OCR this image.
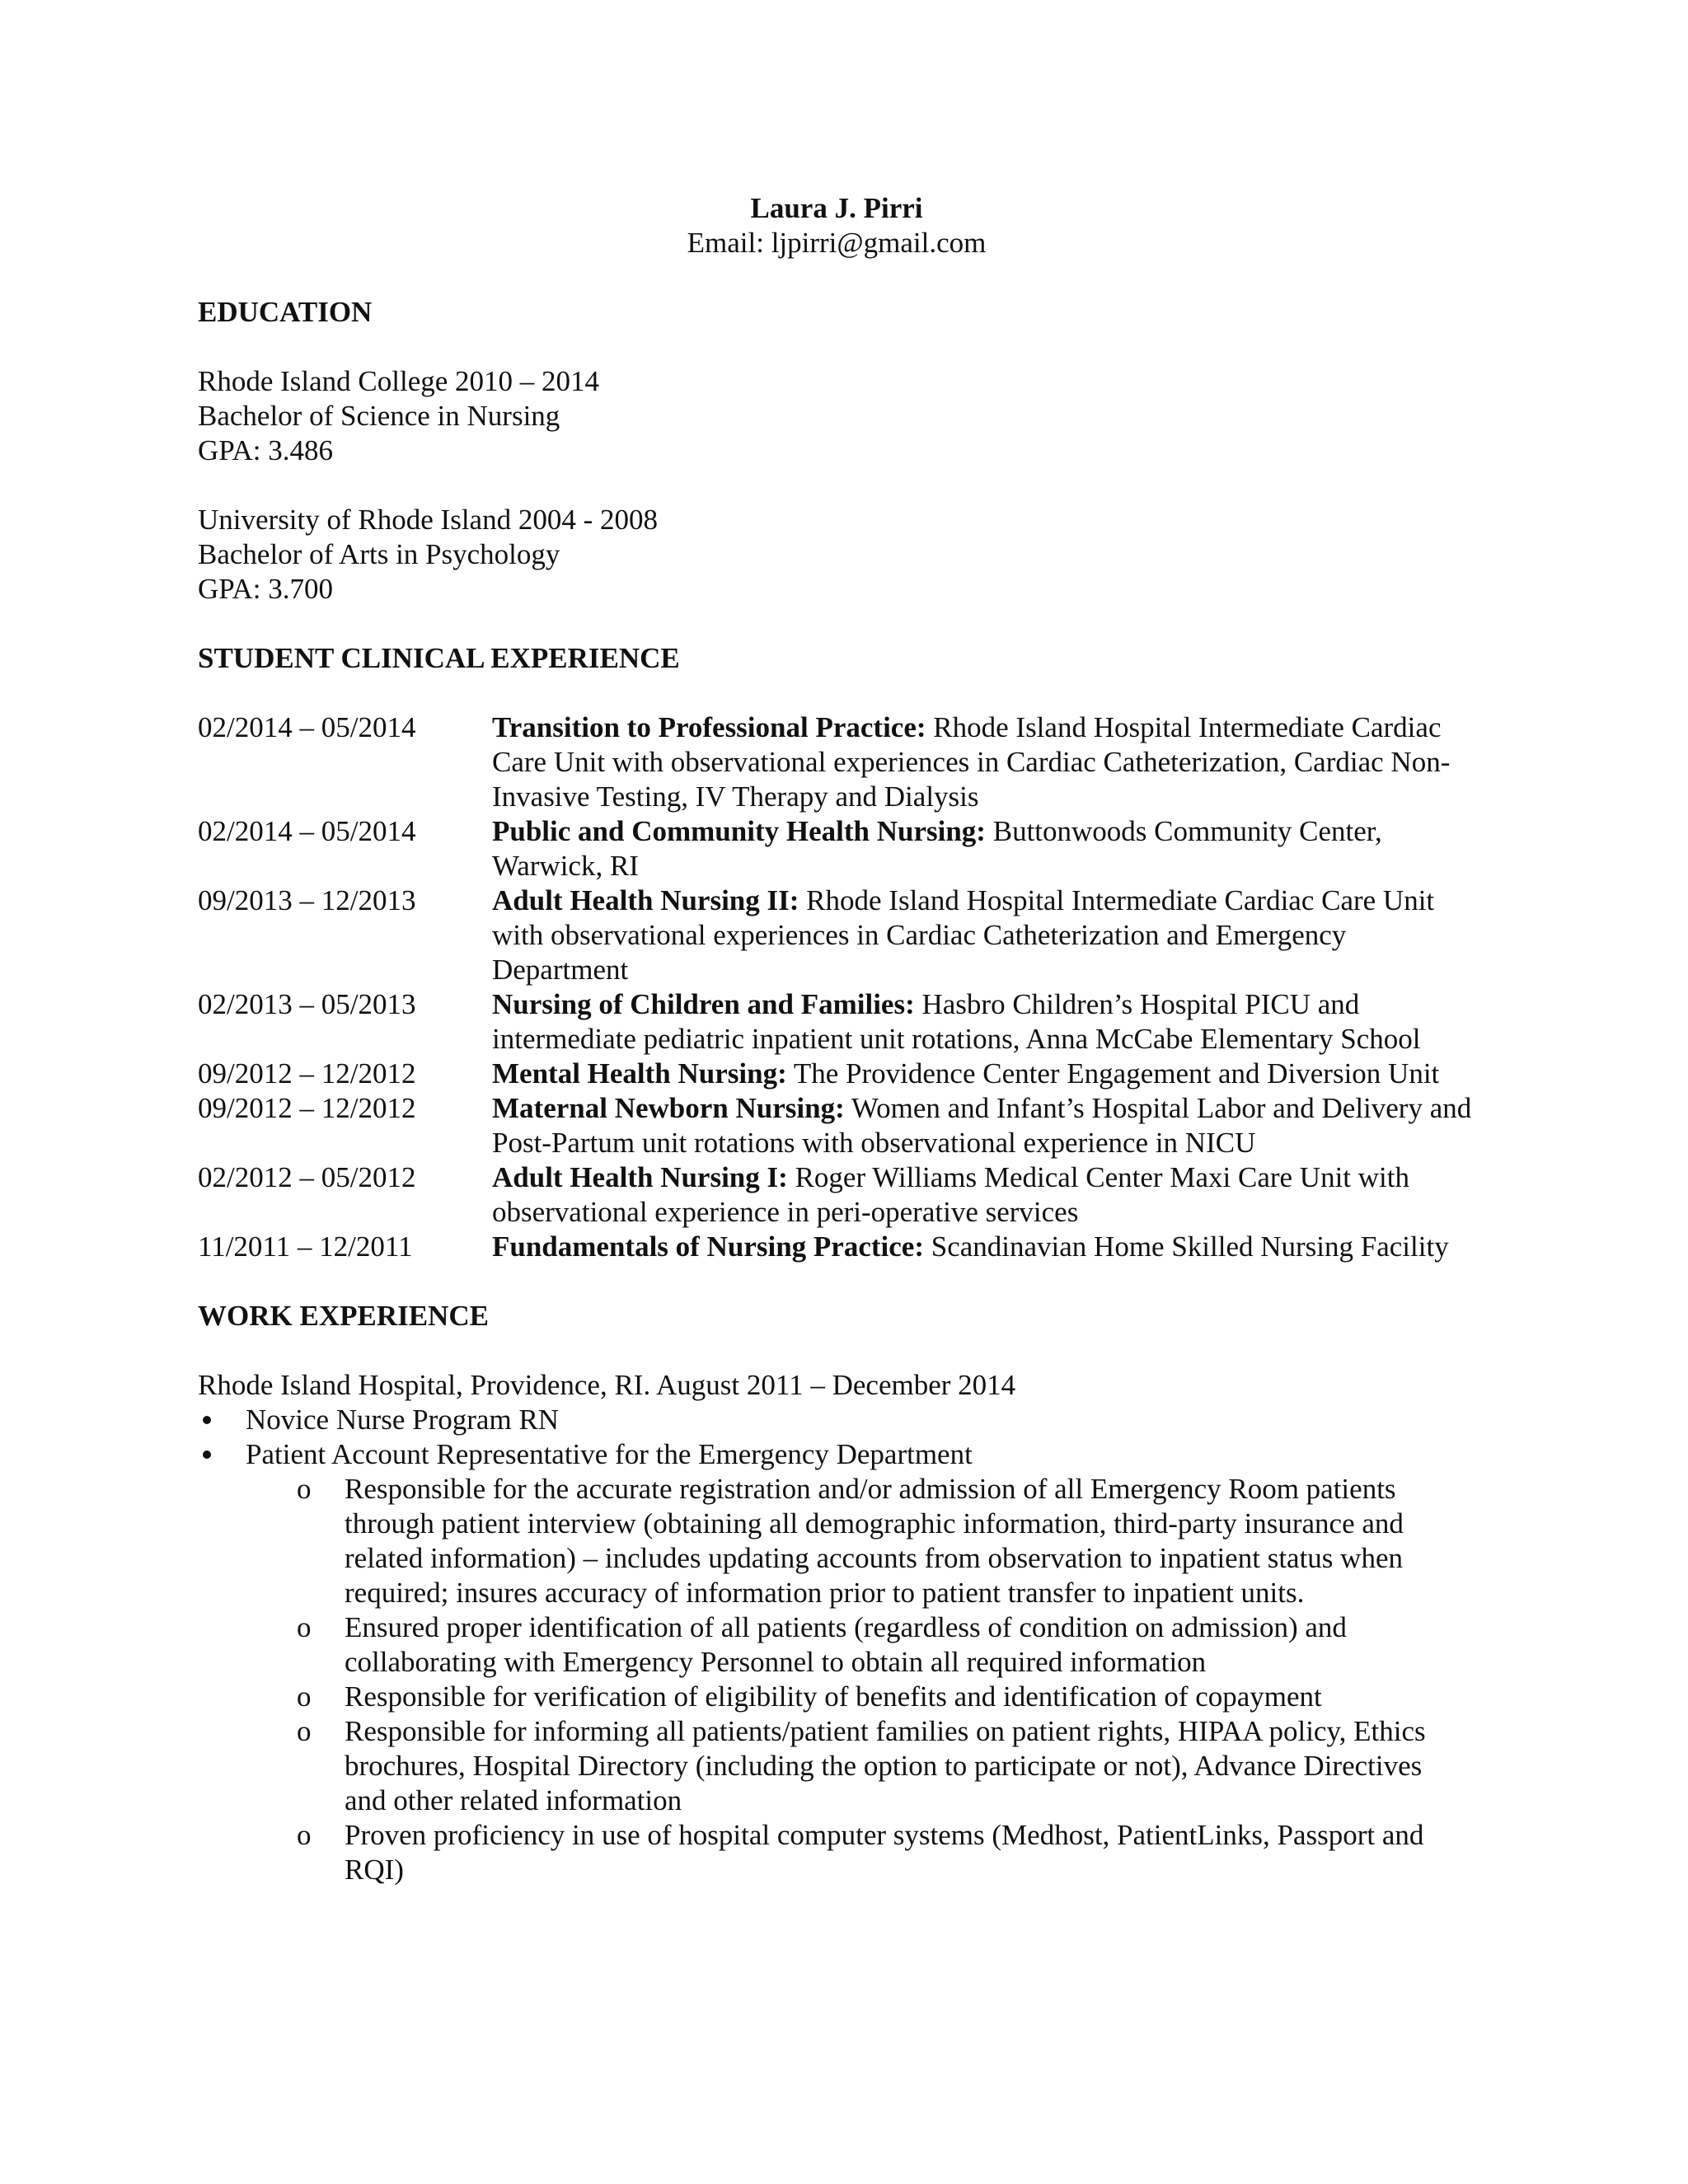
Laura J. Pirri
Email: ljpirri@gmail.com
EDUCATION
Rhode Island College 2010 – 2014
Bachelor of Science in Nursing
GPA: 3.486
University of Rhode Island 2004 - 2008
Bachelor of Arts in Psychology
GPA: 3.700
STUDENT CLINICAL EXPERIENCE
02/2014 – 05/2014	Transition to Professional Practice: Rhode Island Hospital Intermediate Cardiac Care Unit with observational experiences in Cardiac Catheterization, Cardiac Non-Invasive Testing, IV Therapy and Dialysis
02/2014 – 05/2014	Public and Community Health Nursing: Buttonwoods Community Center, Warwick, RI
09/2013 – 12/2013	Adult Health Nursing II: Rhode Island Hospital Intermediate Cardiac Care Unit with observational experiences in Cardiac Catheterization and Emergency Department
02/2013 – 05/2013	Nursing of Children and Families: Hasbro Children’s Hospital PICU and intermediate pediatric inpatient unit rotations, Anna McCabe Elementary School
09/2012 – 12/2012	Mental Health Nursing: The Providence Center Engagement and Diversion Unit
09/2012 – 12/2012	Maternal Newborn Nursing: Women and Infant’s Hospital Labor and Delivery and Post-Partum unit rotations with observational experience in NICU
02/2012 – 05/2012	Adult Health Nursing I: Roger Williams Medical Center Maxi Care Unit with observational experience in peri-operative services
11/2011 – 12/2011	Fundamentals of Nursing Practice: Scandinavian Home Skilled Nursing Facility
WORK EXPERIENCE
Rhode Island Hospital, Providence, RI. August 2011 – December 2014
Novice Nurse Program RN
Patient Account Representative for the Emergency Department
o Responsible for the accurate registration and/or admission of all Emergency Room patients through patient interview (obtaining all demographic information, third-party insurance and related information) – includes updating accounts from observation to inpatient status when required; insures accuracy of information prior to patient transfer to inpatient units.
o Ensured proper identification of all patients (regardless of condition on admission) and collaborating with Emergency Personnel to obtain all required information
o Responsible for verification of eligibility of benefits and identification of copayment
o Responsible for informing all patients/patient families on patient rights, HIPAA policy, Ethics brochures, Hospital Directory (including the option to participate or not), Advance Directives and other related information
o Proven proficiency in use of hospital computer systems (Medhost, PatientLinks, Passport and RQI)
